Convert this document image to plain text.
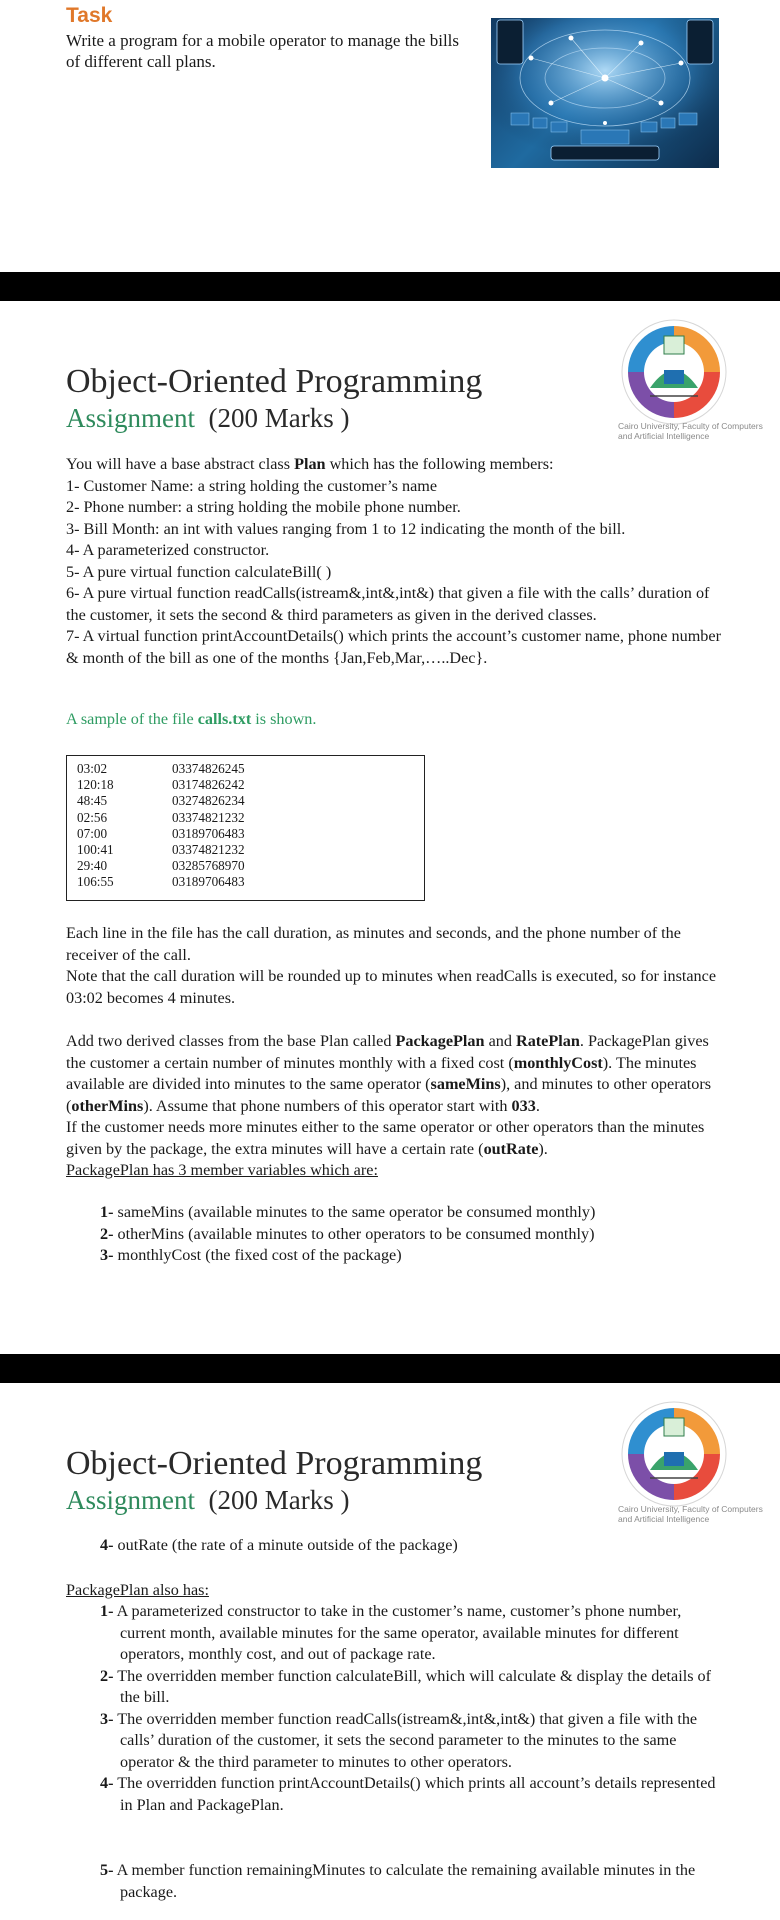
Task
Write a program for a mobile operator to manage the bills of different call plans.
Cairo University, Faculty of Computers and Artificial Intelligence
Object-Oriented Programming
Assignment (200 Marks )
You will have a base abstract class Plan which has the following members:
1- Customer Name: a string holding the customer’s name
2- Phone number: a string holding the mobile phone number.
3- Bill Month: an int with values ranging from 1 to 12 indicating the month of the bill.
4- A parameterized constructor.
5- A pure virtual function calculateBill( )
6- A pure virtual function readCalls(istream&,int&,int&) that given a file with the calls’ duration of the customer, it sets the second & third parameters as given in the derived classes.
7- A virtual function printAccountDetails() which prints the account’s customer name, phone number & month of the bill as one of the months {Jan,Feb,Mar,…..Dec}.
A sample of the file calls.txt is shown.
03:02	03374826245
120:18	03174826242
48:45	03274826234
02:56	03374821232
07:00	03189706483
100:41	03374821232
29:40	03285768970
106:55	03189706483
Each line in the file has the call duration, as minutes and seconds, and the phone number of the receiver of the call.
Note that the call duration will be rounded up to minutes when readCalls is executed, so for instance 03:02 becomes 4 minutes.
Add two derived classes from the base Plan called PackagePlan and RatePlan. PackagePlan gives the customer a certain number of minutes monthly with a fixed cost (monthlyCost). The minutes available are divided into minutes to the same operator (sameMins), and minutes to other operators (otherMins). Assume that phone numbers of this operator start with 033.
If the customer needs more minutes either to the same operator or other operators than the minutes given by the package, the extra minutes will have a certain rate (outRate).
PackagePlan has 3 member variables which are:
1- sameMins (available minutes to the same operator be consumed monthly)
2- otherMins (available minutes to other operators to be consumed monthly)
3- monthlyCost (the fixed cost of the package)
Cairo University, Faculty of Computers and Artificial Intelligence
Object-Oriented Programming
Assignment (200 Marks )
4- outRate (the rate of a minute outside of the package)
PackagePlan also has:
1- A parameterized constructor to take in the customer’s name, customer’s phone number, current month, available minutes for the same operator, available minutes for different operators, monthly cost, and out of package rate.
2- The overridden member function calculateBill, which will calculate & display the details of the bill.
3- The overridden member function readCalls(istream&,int&,int&) that given a file with the calls’ duration of the customer, it sets the second parameter to the minutes to the same operator & the third parameter to minutes to other operators.
4- The overridden function printAccountDetails() which prints all account’s details represented in Plan and PackagePlan.
5- A member function remainingMinutes to calculate the remaining available minutes in the package.
